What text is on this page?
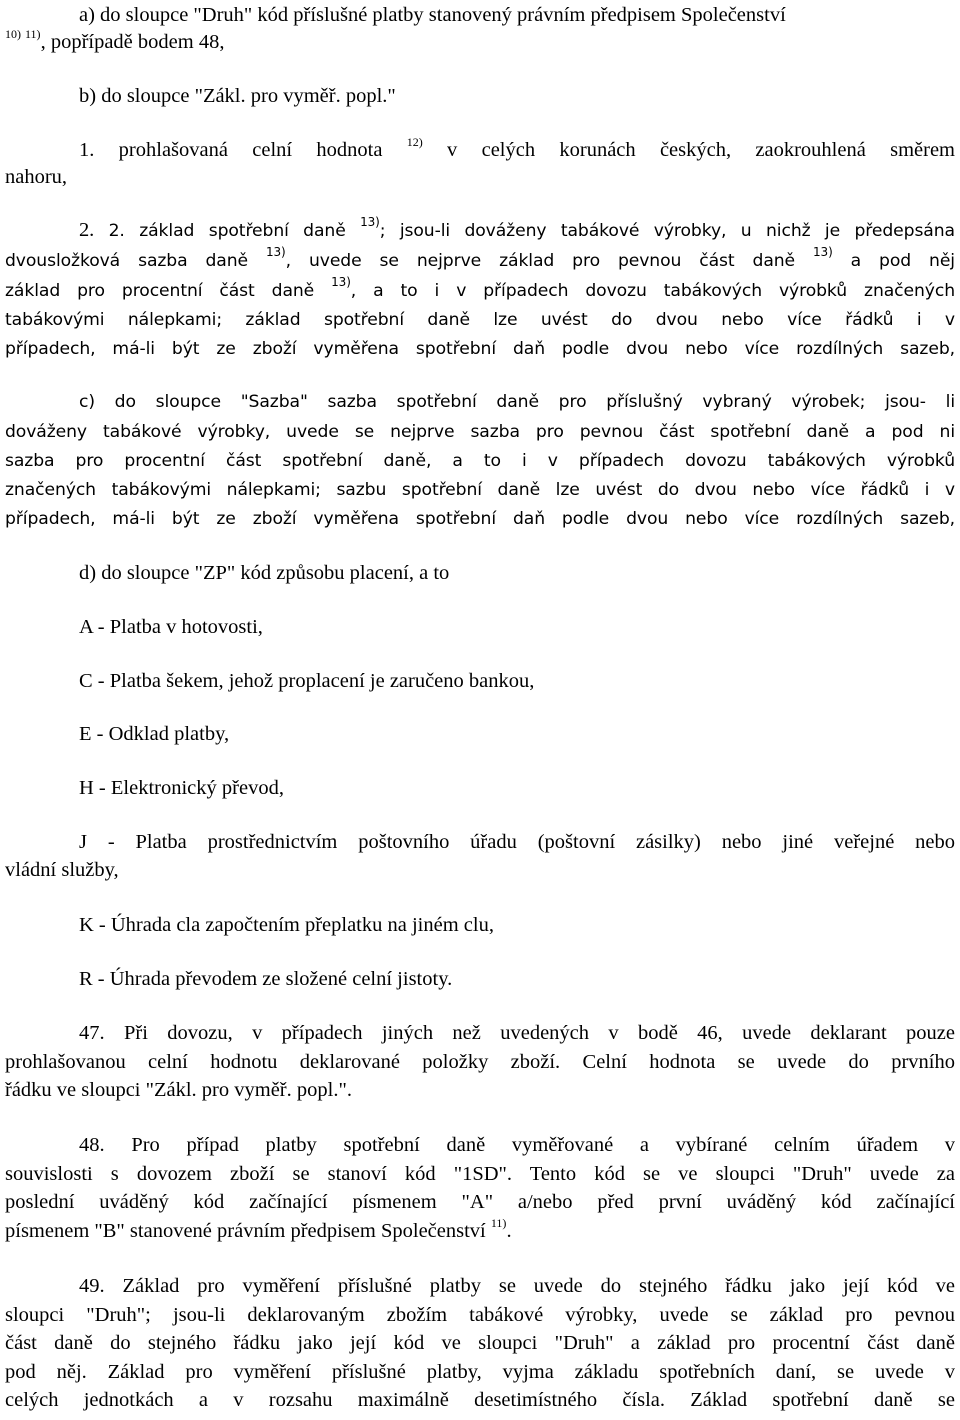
a) do sloupce "Druh" kód příslušné platby stanovený právním předpisem Společenství
$^{10)}$ $^{11)}$, popřípadě bodem 48,
b) do sloupce "Zákl. pro vyměř. popl."
1. prohlašovaná celní hodnota $^{12)}$ v celých korunách českých, zaokrouhlená směrem
nahoru,
2. 2. základ spotřební daně $^{13)}$; jsou-li dováženy tabákové výrobky, u nichž je předepsána
dvousložková sazba daně $^{13)}$, uvede se nejprve základ pro pevnou část daně $^{13)}$ a pod něj
základ pro procentní část daně $^{13)}$, a to i v případech dovozu tabákových výrobků značených
tabákovými nálepkami; základ spotřební daně lze uvést do dvou nebo více řádků i v
případech, má-li být ze zboží vyměřena spotřební daň podle dvou nebo více rozdílných sazeb,
c) do sloupce "Sazba" sazba spotřební daně pro příslušný vybraný výrobek; jsou- li
dováženy tabákové výrobky, uvede se nejprve sazba pro pevnou část spotřební daně a pod ni
sazba pro procentní část spotřební daně, a to i v případech dovozu tabákových výrobků
značených tabákovými nálepkami; sazbu spotřební daně lze uvést do dvou nebo více řádků i v
případech, má-li být ze zboží vyměřena spotřební daň podle dvou nebo více rozdílných sazeb,
d) do sloupce "ZP" kód způsobu placení, a to
A - Platba v hotovosti,
C - Platba šekem, jehož proplacení je zaručeno bankou,
E - Odklad platby,
H - Elektronický převod,
J - Platba prostřednictvím poštovního úřadu (poštovní zásilky) nebo jiné veřejné nebo
vládní služby,
K - Úhrada cla započtením přeplatku na jiném clu,
R - Úhrada převodem ze složené celní jistoty.
47. Při dovozu, v případech jiných než uvedených v bodě 46, uvede deklarant pouze
prohlašovanou celní hodnotu deklarované položky zboží. Celní hodnota se uvede do prvního
řádku ve sloupci "Zákl. pro vyměř. popl.".
48. Pro případ platby spotřební daně vyměřované a vybírané celním úřadem v
souvislosti s dovozem zboží se stanoví kód "1SD". Tento kód se ve sloupci "Druh" uvede za
poslední uváděný kód začínající písmenem "A" a/nebo před první uváděný kód začínající
písmenem "B" stanovené právním předpisem Společenství $^{11)}$.
49. Základ pro vyměření příslušné platby se uvede do stejného řádku jako její kód ve
sloupci "Druh"; jsou-li deklarovaným zbožím tabákové výrobky, uvede se základ pro pevnou
část daně do stejného řádku jako její kód ve sloupci "Druh" a základ pro procentní část daně
pod něj. Základ pro vyměření příslušné platby, vyjma základu spotřebních daní, se uvede v
celých jednotkách a v rozsahu maximálně desetimístného čísla. Základ spotřební daně se
